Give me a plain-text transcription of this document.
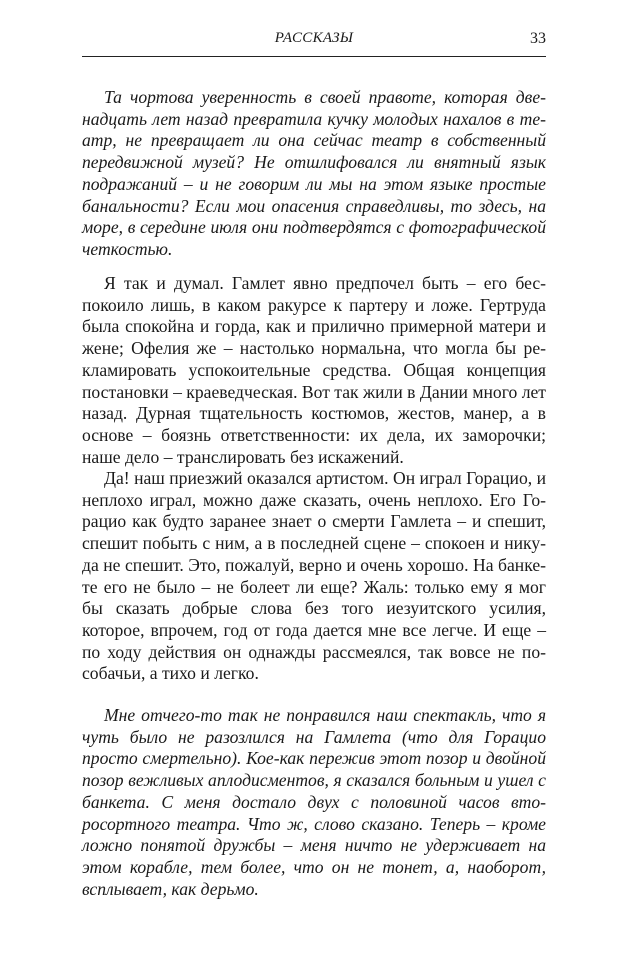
РАССКАЗЫ	33

Та чортова уверенность в своей правоте, которая двенадцать лет назад превратила кучку молодых нахалов в театр, не превращает ли она сейчас театр в собственный передвижной музей? Не отшлифовался ли внятный язык подражаний – и не говорим ли мы на этом языке простые банальности? Если мои опасения справедливы, то здесь, на море, в середине июля они подтвердятся с фотографической четкостью.

Я так и думал. Гамлет явно предпочел быть – его беспокоило лишь, в каком ракурсе к партеру и ложе. Гертруда была спокойна и горда, как и прилично примерной матери и жене; Офелия же – настолько нормальна, что могла бы рекламировать успокоительные средства. Общая концепция постановки – краеведческая. Вот так жили в Дании много лет назад. Дурная тщательность костюмов, жестов, манер, а в основе – боязнь ответственности: их дела, их заморочки; наше дело – транслировать без искажений.

Да! наш приезжий оказался артистом. Он играл Горацио, и неплохо играл, можно даже сказать, очень неплохо. Его Горацио как будто заранее знает о смерти Гамлета – и спешит, спешит побыть с ним, а в последней сцене – спокоен и никуда не спешит. Это, пожалуй, верно и очень хорошо. На банкете его не было – не болеет ли еще? Жаль: только ему я мог бы сказать добрые слова без того иезуитского усилия, которое, впрочем, год от года дается мне все легче. И еще – по ходу действия он однажды рассмеялся, так вовсе не по-собачьи, а тихо и легко.

Мне отчего-то так не понравился наш спектакль, что я чуть было не разозлился на Гамлета (что для Горацио просто смертельно). Кое-как пережив этот позор и двойной позор вежливых аплодисментов, я сказался больным и ушел с банкета. С меня достало двух с половиной часов второсортного театра. Что ж, слово сказано. Теперь – кроме ложно понятой дружбы – меня ничто не удерживает на этом корабле, тем более, что он не тонет, а, наоборот, всплывает, как дерьмо.
